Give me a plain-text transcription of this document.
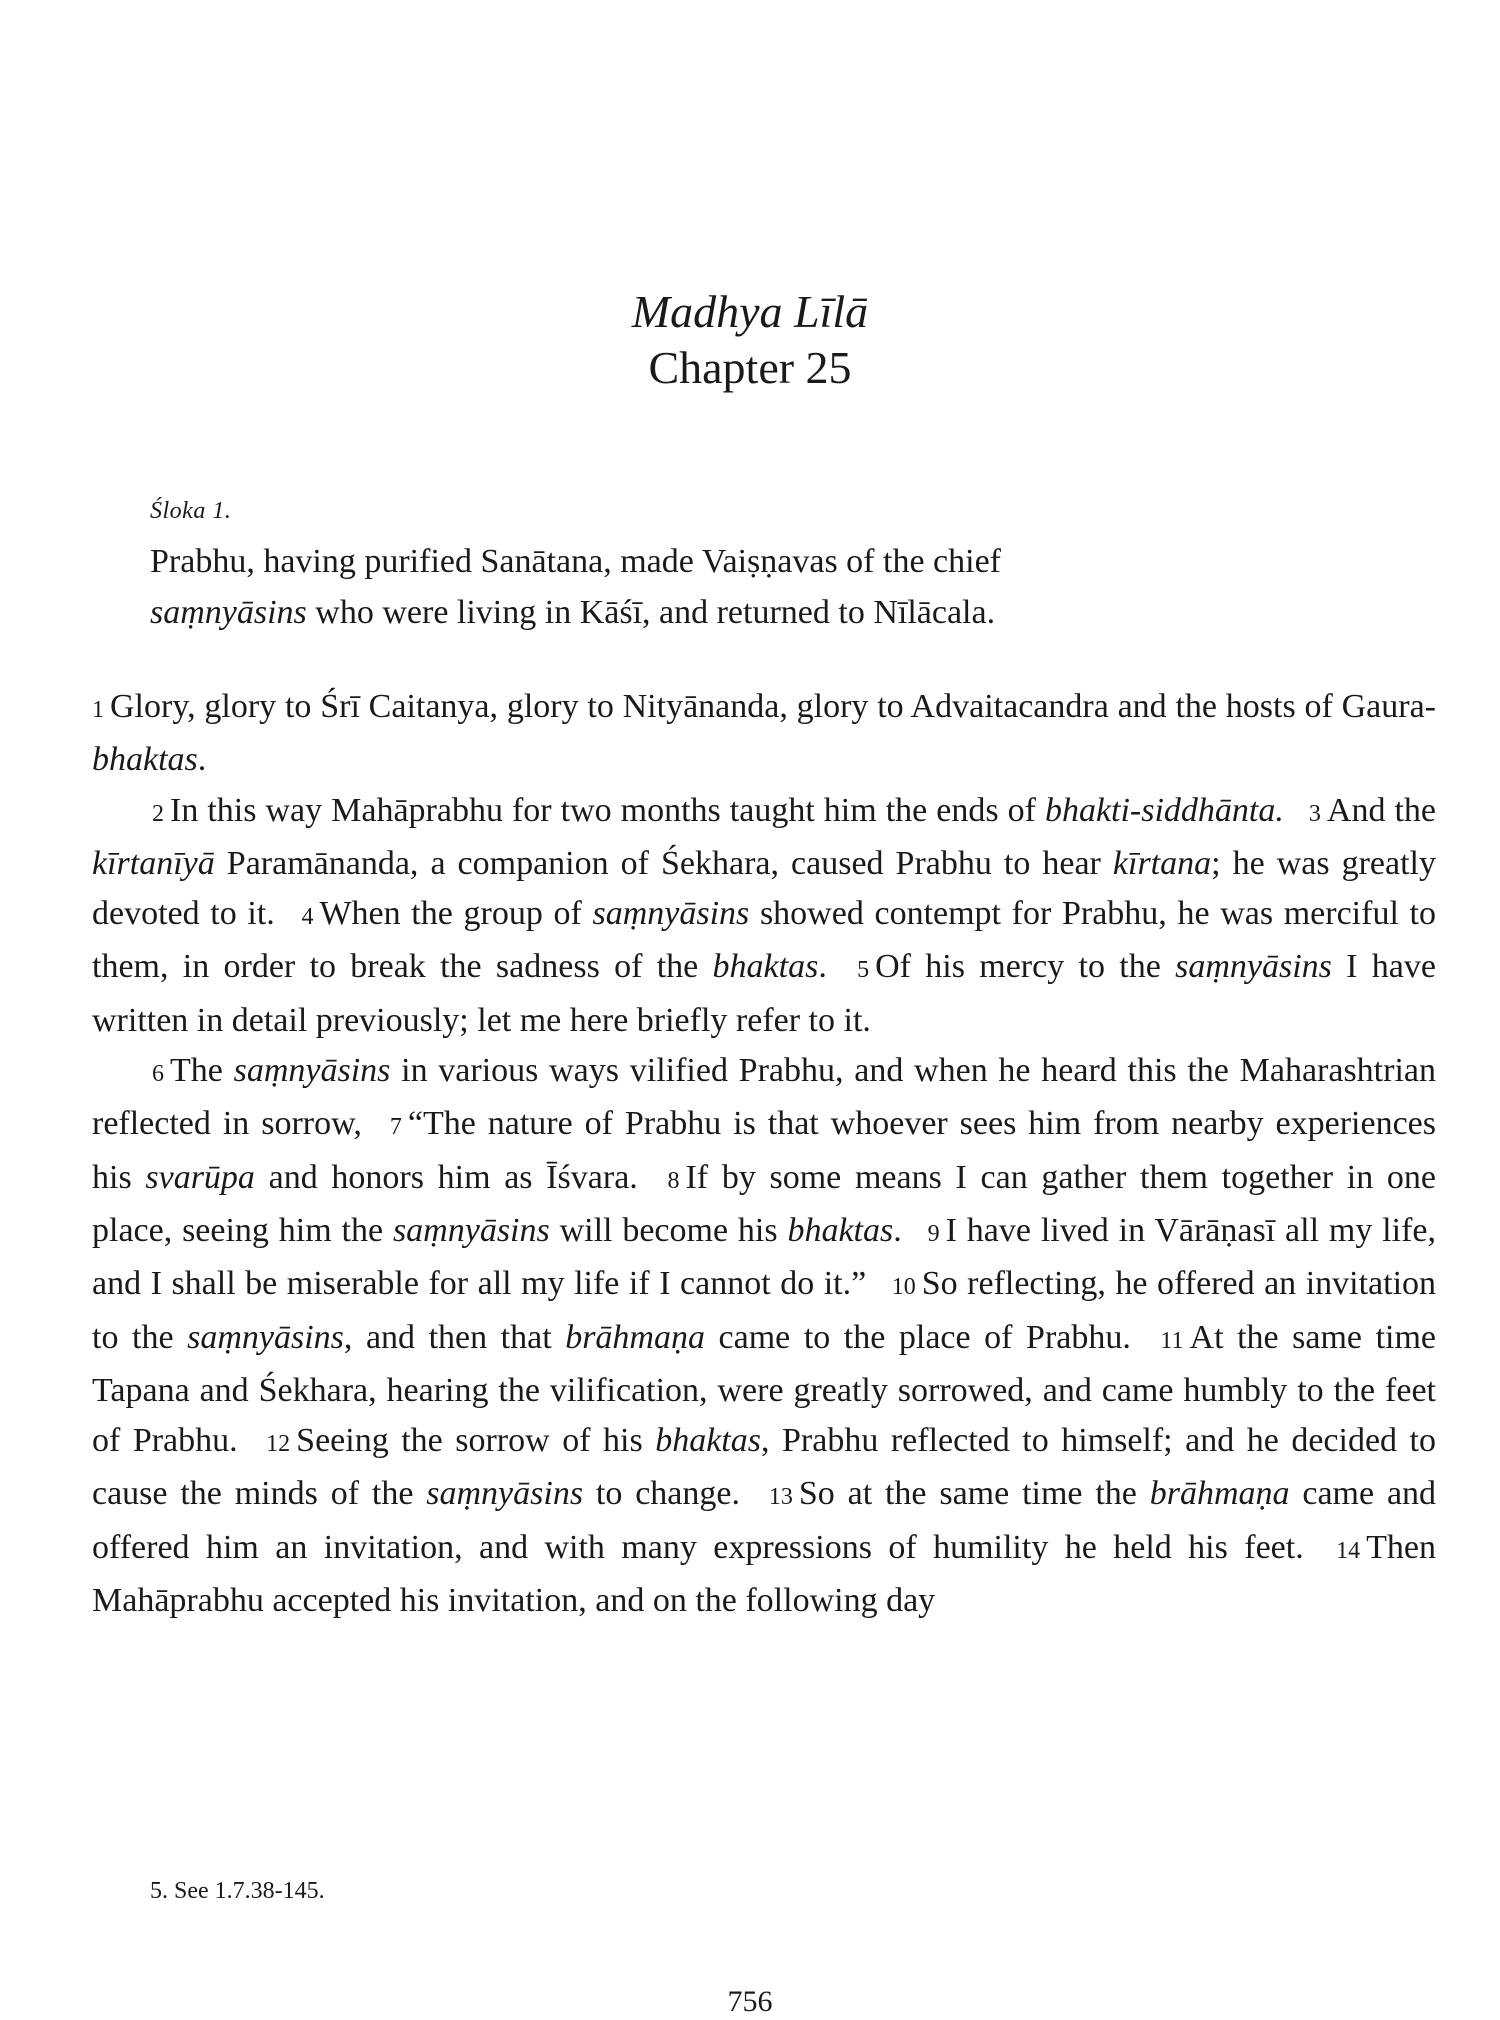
Madhya Līlā
Chapter 25
Śloka 1.
Prabhu, having purified Sanātana, made Vaiṣṇavas of the chief
saṃnyāsins who were living in Kāśī, and returned to Nīlācala.

1 Glory, glory to Śrī Caitanya, glory to Nityānanda, glory to Advaitacandra and the hosts of Gaura-bhaktas.

2 In this way Mahāprabhu for two months taught him the ends of bhakti-siddhānta. 3 And the kīrtanīyā Paramānanda, a companion of Śekhara, caused Prabhu to hear kīrtana; he was greatly devoted to it. 4 When the group of saṃnyāsins showed contempt for Prabhu, he was merciful to them, in order to break the sadness of the bhaktas. 5 Of his mercy to the saṃnyāsins I have written in detail previously; let me here briefly refer to it.

6 The saṃnyāsins in various ways vilified Prabhu, and when he heard this the Maharashtrian reflected in sorrow, 7 “The nature of Prabhu is that whoever sees him from nearby experiences his svarūpa and honors him as Īśvara. 8 If by some means I can gather them together in one place, seeing him the saṃnyāsins will become his bhaktas. 9 I have lived in Vārāṇasī all my life, and I shall be miserable for all my life if I cannot do it.” 10 So reflecting, he offered an invitation to the saṃnyāsins, and then that brāhmaṇa came to the place of Prabhu. 11 At the same time Tapana and Śekhara, hearing the vilification, were greatly sorrowed, and came humbly to the feet of Prabhu. 12 Seeing the sorrow of his bhaktas, Prabhu reflected to himself; and he decided to cause the minds of the saṃnyāsins to change. 13 So at the same time the brāhmaṇa came and offered him an invitation, and with many expressions of humility he held his feet. 14 Then Mahāprabhu accepted his invitation, and on the following day

5. See 1.7.38-145.
756
